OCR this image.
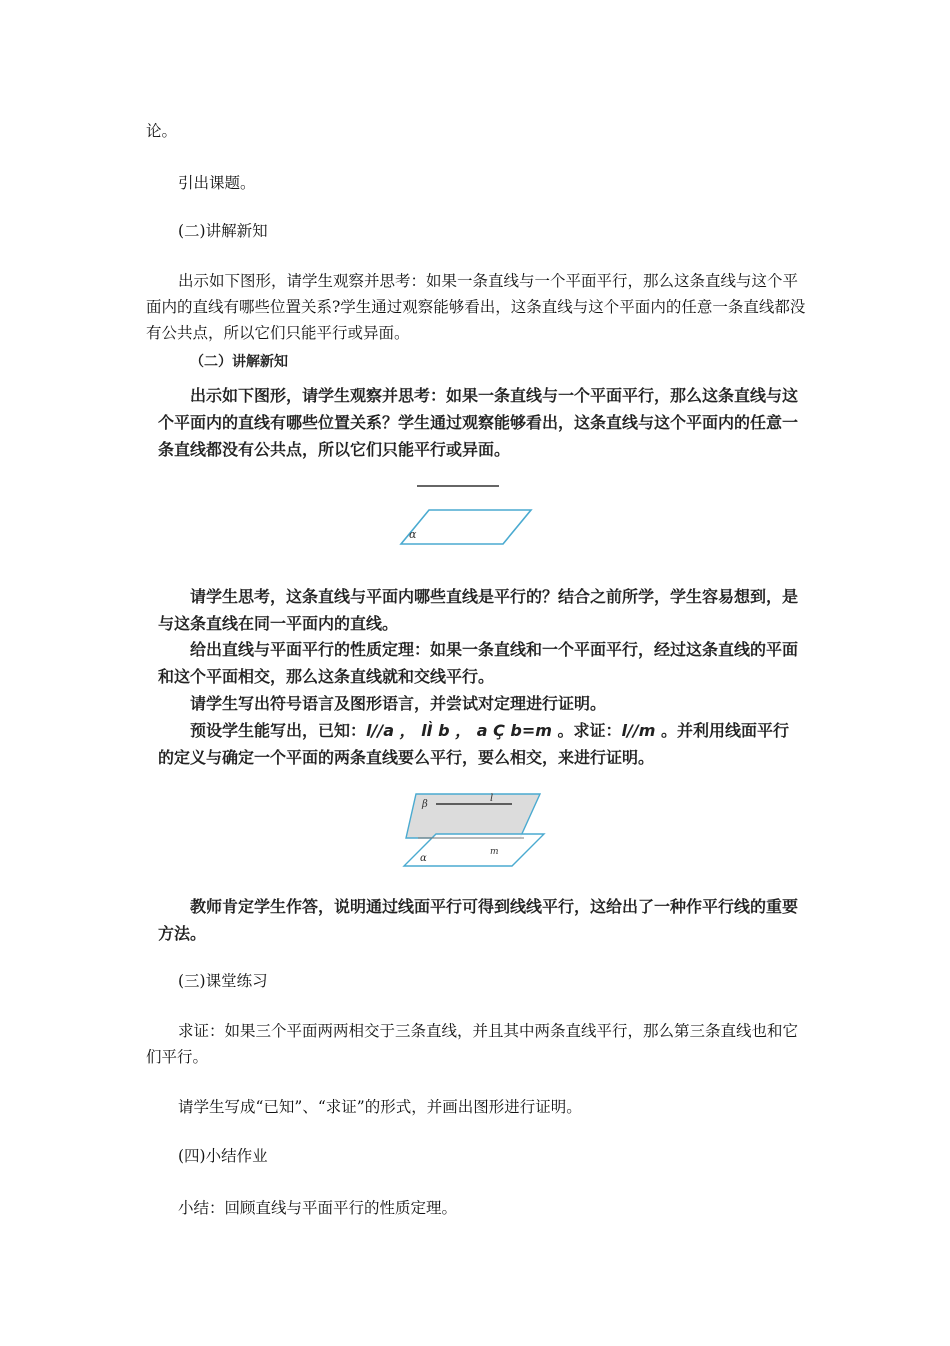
论。

引出课题。

(二)讲解新知

出示如下图形，请学生观察并思考：如果一条直线与一个平面平行，那么这条直线与这个平面内的直线有哪些位置关系?学生通过观察能够看出，这条直线与这个平面内的任意一条直线都没有公共点，所以它们只能平行或异面。

（二）讲解新知

出示如下图形，请学生观察并思考：如果一条直线与一个平面平行，那么这条直线与这个平面内的直线有哪些位置关系？学生通过观察能够看出，这条直线与这个平面内的任意一条直线都没有公共点，所以它们只能平行或异面。

α

请学生思考，这条直线与平面内哪些直线是平行的？结合之前所学，学生容易想到，是与这条直线在同一平面内的直线。

给出直线与平面平行的性质定理：如果一条直线和一个平面平行，经过这条直线的平面和这个平面相交，那么这条直线就和交线平行。

请学生写出符号语言及图形语言，并尝试对定理进行证明。

预设学生能写出，已知：l//a ， lÌ b ， a Ç b=m 。求证：l//m 。并利用线面平行的定义与确定一个平面的两条直线要么平行，要么相交，来进行证明。

β
l
α
m

教师肯定学生作答，说明通过线面平行可得到线线平行，这给出了一种作平行线的重要方法。

(三)课堂练习

求证：如果三个平面两两相交于三条直线，并且其中两条直线平行，那么第三条直线也和它们平行。

请学生写成“已知”、“求证”的形式，并画出图形进行证明。

(四)小结作业

小结：回顾直线与平面平行的性质定理。
